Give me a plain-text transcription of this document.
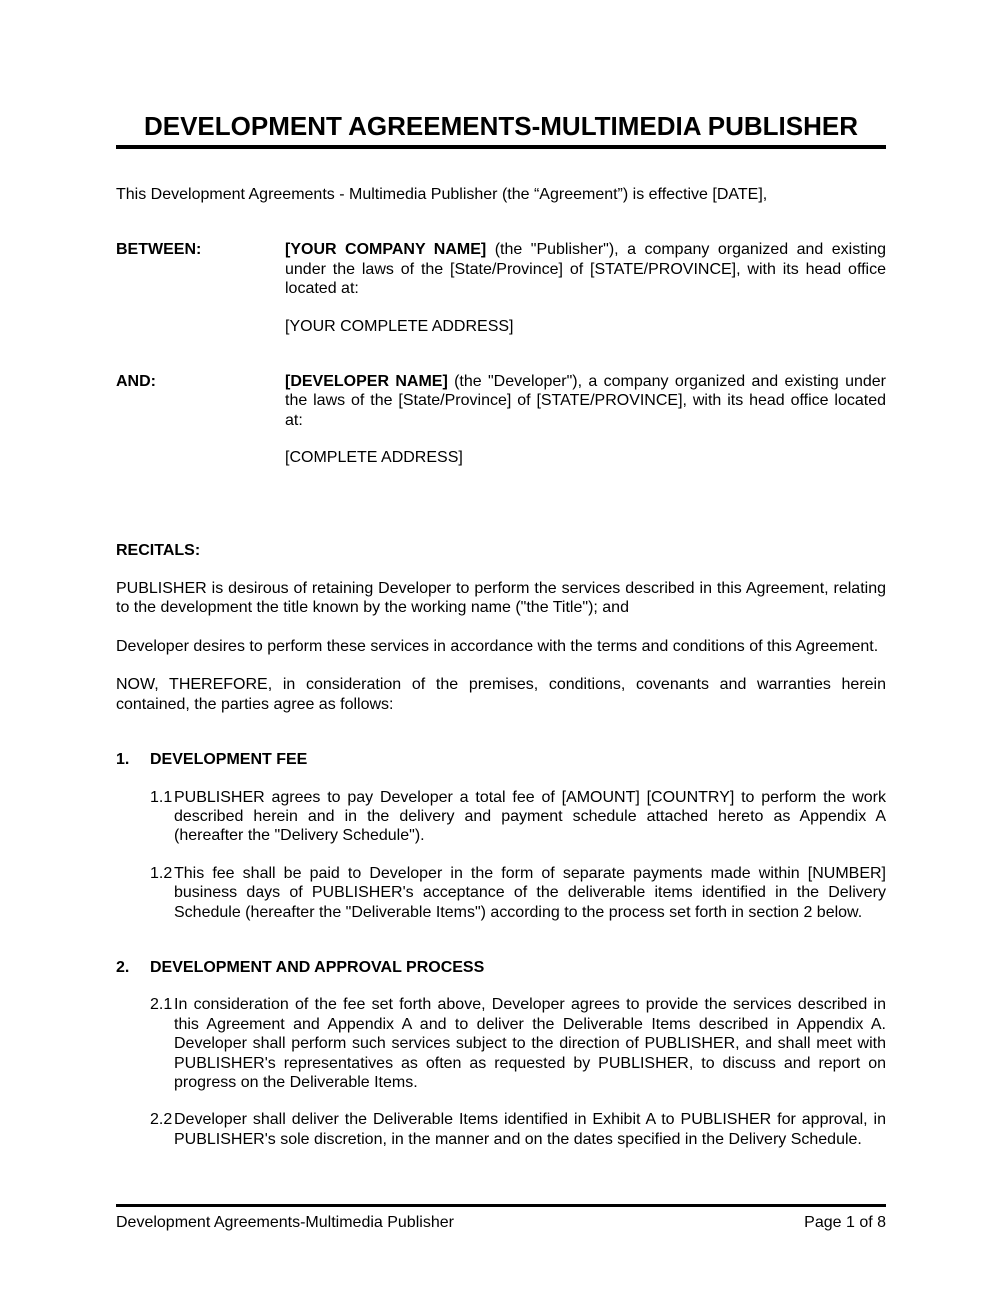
DEVELOPMENT AGREEMENTS-MULTIMEDIA PUBLISHER

This Development Agreements - Multimedia Publisher (the “Agreement”) is effective [DATE],

BETWEEN:	[YOUR COMPANY NAME] (the "Publisher"), a company organized and existing under the laws of the [State/Province] of [STATE/PROVINCE], with its head office located at:

[YOUR COMPLETE ADDRESS]

AND:	[DEVELOPER NAME] (the "Developer"), a company organized and existing under the laws of the [State/Province] of [STATE/PROVINCE], with its head office located at:

[COMPLETE ADDRESS]

RECITALS:

PUBLISHER is desirous of retaining Developer to perform the services described in this Agreement, relating to the development the title known by the working name ("the Title"); and

Developer desires to perform these services in accordance with the terms and conditions of this Agreement.

NOW, THEREFORE, in consideration of the premises, conditions, covenants and warranties herein contained, the parties agree as follows:

1. DEVELOPMENT FEE

1.1 PUBLISHER agrees to pay Developer a total fee of [AMOUNT] [COUNTRY] to perform the work described herein and in the delivery and payment schedule attached hereto as Appendix A (hereafter the "Delivery Schedule").

1.2 This fee shall be paid to Developer in the form of separate payments made within [NUMBER] business days of PUBLISHER's acceptance of the deliverable items identified in the Delivery Schedule (hereafter the "Deliverable Items") according to the process set forth in section 2 below.

2. DEVELOPMENT AND APPROVAL PROCESS

2.1 In consideration of the fee set forth above, Developer agrees to provide the services described in this Agreement and Appendix A and to deliver the Deliverable Items described in Appendix A. Developer shall perform such services subject to the direction of PUBLISHER, and shall meet with PUBLISHER's representatives as often as requested by PUBLISHER, to discuss and report on progress on the Deliverable Items.

2.2 Developer shall deliver the Deliverable Items identified in Exhibit A to PUBLISHER for approval, in PUBLISHER's sole discretion, in the manner and on the dates specified in the Delivery Schedule.

Development Agreements-Multimedia Publisher	Page 1 of 8
